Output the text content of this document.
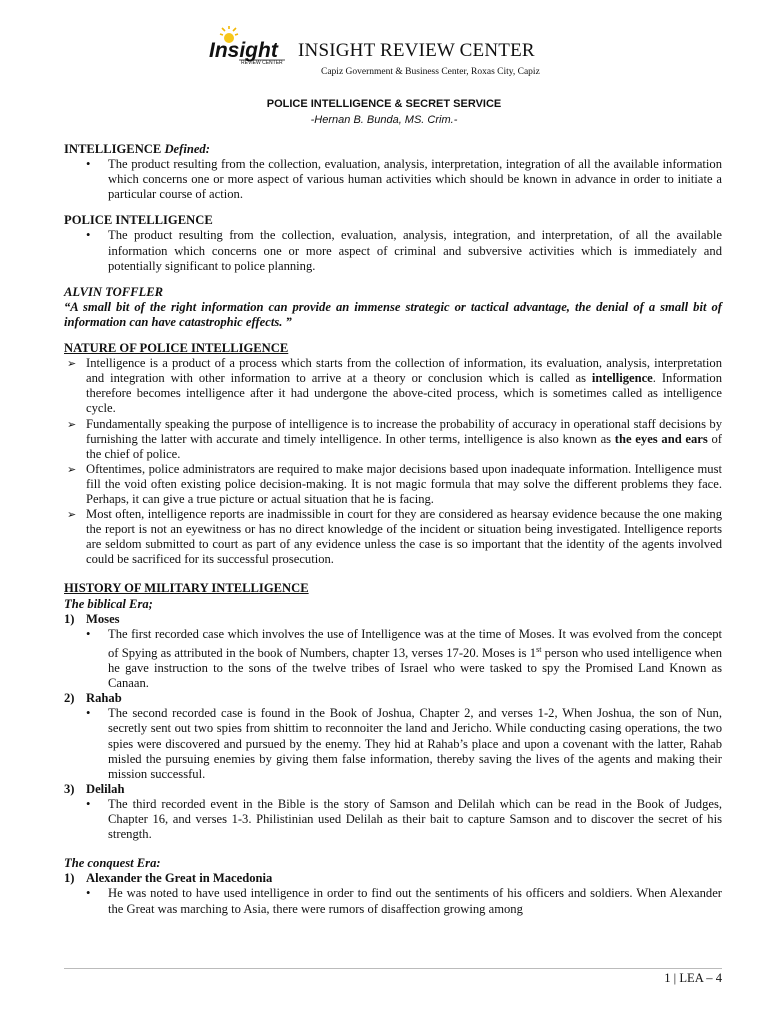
Insight
REVIEW CENTER
INSIGHT REVIEW CENTER
Capiz Government & Business Center, Roxas City, Capiz
POLICE INTELLIGENCE & SECRET SERVICE
-Hernan B. Bunda, MS. Crim.-
INTELLIGENCE Defined:
• The product resulting from the collection, evaluation, analysis, interpretation, integration of all the available information which concerns one or more aspect of various human activities which should be known in advance in order to initiate a particular course of action.
POLICE INTELLIGENCE
• The product resulting from the collection, evaluation, analysis, integration, and interpretation, of all the available information which concerns one or more aspect of criminal and subversive activities which is immediately and potentially significant to police planning.
ALVIN TOFFLER
“A small bit of the right information can provide an immense strategic or tactical advantage, the denial of a small bit of information can have catastrophic effects. ”
NATURE OF POLICE INTELLIGENCE
➢ Intelligence is a product of a process which starts from the collection of information, its evaluation, analysis, interpretation and integration with other information to arrive at a theory or conclusion which is called as intelligence. Information therefore becomes intelligence after it had undergone the above-cited process, which is sometimes called as intelligence cycle.
➢ Fundamentally speaking the purpose of intelligence is to increase the probability of accuracy in operational staff decisions by furnishing the latter with accurate and timely intelligence. In other terms, intelligence is also known as the eyes and ears of the chief of police.
➢ Oftentimes, police administrators are required to make major decisions based upon inadequate information. Intelligence must fill the void often existing police decision-making. It is not magic formula that may solve the different problems they face. Perhaps, it can give a true picture or actual situation that he is facing.
➢ Most often, intelligence reports are inadmissible in court for they are considered as hearsay evidence because the one making the report is not an eyewitness or has no direct knowledge of the incident or situation being investigated. Intelligence reports are seldom submitted to court as part of any evidence unless the case is so important that the identity of the agents involved could be sacrificed for its successful prosecution.
HISTORY OF MILITARY INTELLIGENCE
The biblical Era;
1) Moses
• The first recorded case which involves the use of Intelligence was at the time of Moses. It was evolved from the concept of Spying as attributed in the book of Numbers, chapter 13, verses 17-20. Moses is 1st person who used intelligence when he gave instruction to the sons of the twelve tribes of Israel who were tasked to spy the Promised Land Known as Canaan.
2) Rahab
• The second recorded case is found in the Book of Joshua, Chapter 2, and verses 1-2, When Joshua, the son of Nun, secretly sent out two spies from shittim to reconnoiter the land and Jericho. While conducting casing operations, the two spies were discovered and pursued by the enemy. They hid at Rahab’s place and upon a covenant with the latter, Rahab misled the pursuing enemies by giving them false information, thereby saving the lives of the agents and making their mission successful.
3) Delilah
• The third recorded event in the Bible is the story of Samson and Delilah which can be read in the Book of Judges, Chapter 16, and verses 1-3. Philistinian used Delilah as their bait to capture Samson and to discover the secret of his strength.
The conquest Era:
1) Alexander the Great in Macedonia
• He was noted to have used intelligence in order to find out the sentiments of his officers and soldiers. When Alexander the Great was marching to Asia, there were rumors of disaffection growing among
1 | LEA – 4
